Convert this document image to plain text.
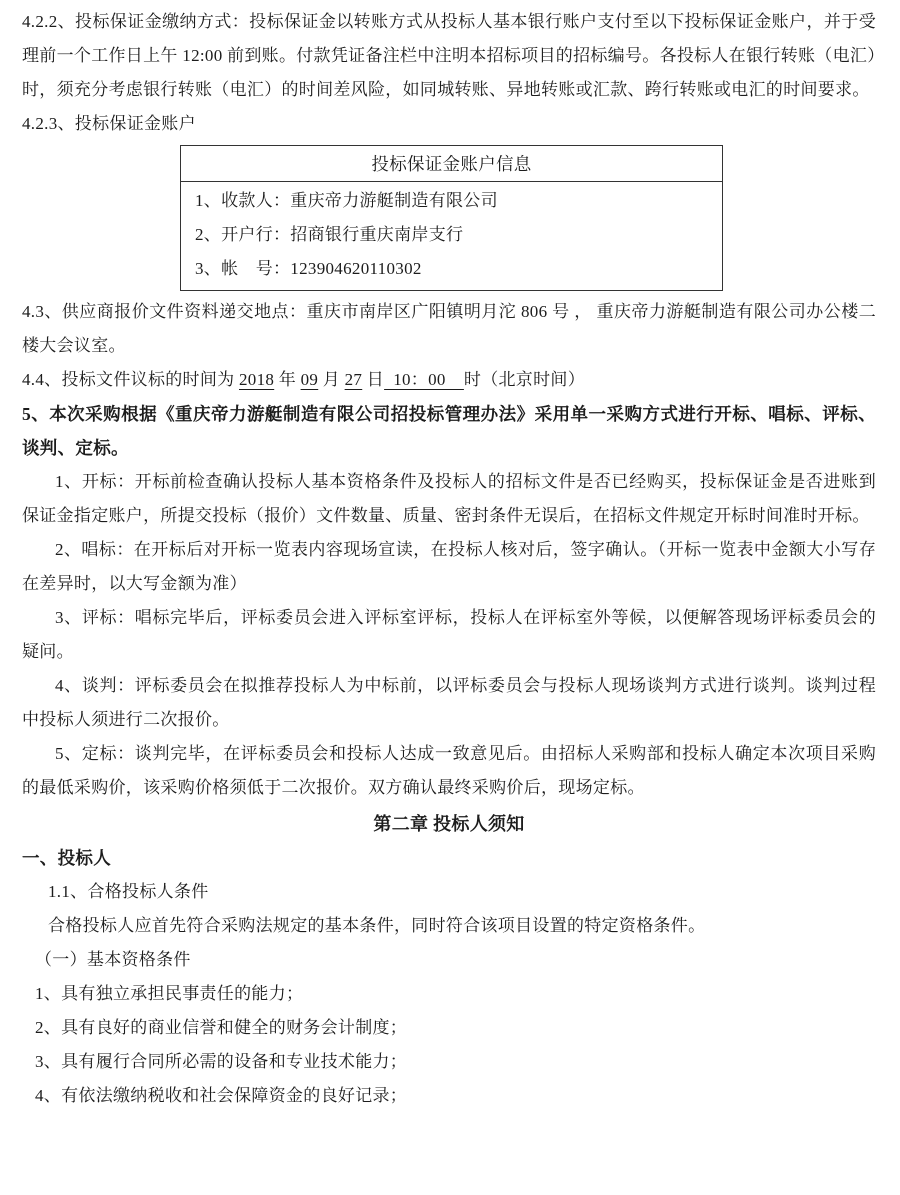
4.2.2、投标保证金缴纳方式：投标保证金以转账方式从投标人基本银行账户支付至以下投标保证金账户，并于受理前一个工作日上午 12:00 前到账。付款凭证备注栏中注明本招标项目的招标编号。各投标人在银行转账（电汇）时，须充分考虑银行转账（电汇）的时间差风险，如同城转账、异地转账或汇款、跨行转账或电汇的时间要求。

4.2.3、投标保证金账户

投标保证金账户信息
1、收款人：重庆帝力游艇制造有限公司
2、开户行：招商银行重庆南岸支行
3、帐　号：123904620110302

4.3、供应商报价文件资料递交地点：重庆市南岸区广阳镇明月沱 806 号 ， 重庆帝力游艇制造有限公司办公楼二楼大会议室。

4.4、投标文件议标的时间为 2018 年 09 月 27 日  10：00    时（北京时间）

5、本次采购根据《重庆帝力游艇制造有限公司招投标管理办法》采用单一采购方式进行开标、唱标、评标、谈判、定标。

1、开标：开标前检查确认投标人基本资格条件及投标人的招标文件是否已经购买，投标保证金是否进账到保证金指定账户，所提交投标（报价）文件数量、质量、密封条件无误后，在招标文件规定开标时间准时开标。

2、唱标：在开标后对开标一览表内容现场宣读，在投标人核对后，签字确认。（开标一览表中金额大小写存在差异时，以大写金额为准）

3、评标：唱标完毕后，评标委员会进入评标室评标，投标人在评标室外等候，以便解答现场评标委员会的疑问。

4、谈判：评标委员会在拟推荐投标人为中标前，以评标委员会与投标人现场谈判方式进行谈判。谈判过程中投标人须进行二次报价。

5、定标：谈判完毕，在评标委员会和投标人达成一致意见后。由招标人采购部和投标人确定本次项目采购的最低采购价，该采购价格须低于二次报价。双方确认最终采购价后，现场定标。

第二章 投标人须知

一、投标人

1.1、合格投标人条件

合格投标人应首先符合采购法规定的基本条件，同时符合该项目设置的特定资格条件。

（一）基本资格条件

1、具有独立承担民事责任的能力；

2、具有良好的商业信誉和健全的财务会计制度；

3、具有履行合同所必需的设备和专业技术能力；

4、有依法缴纳税收和社会保障资金的良好记录；
